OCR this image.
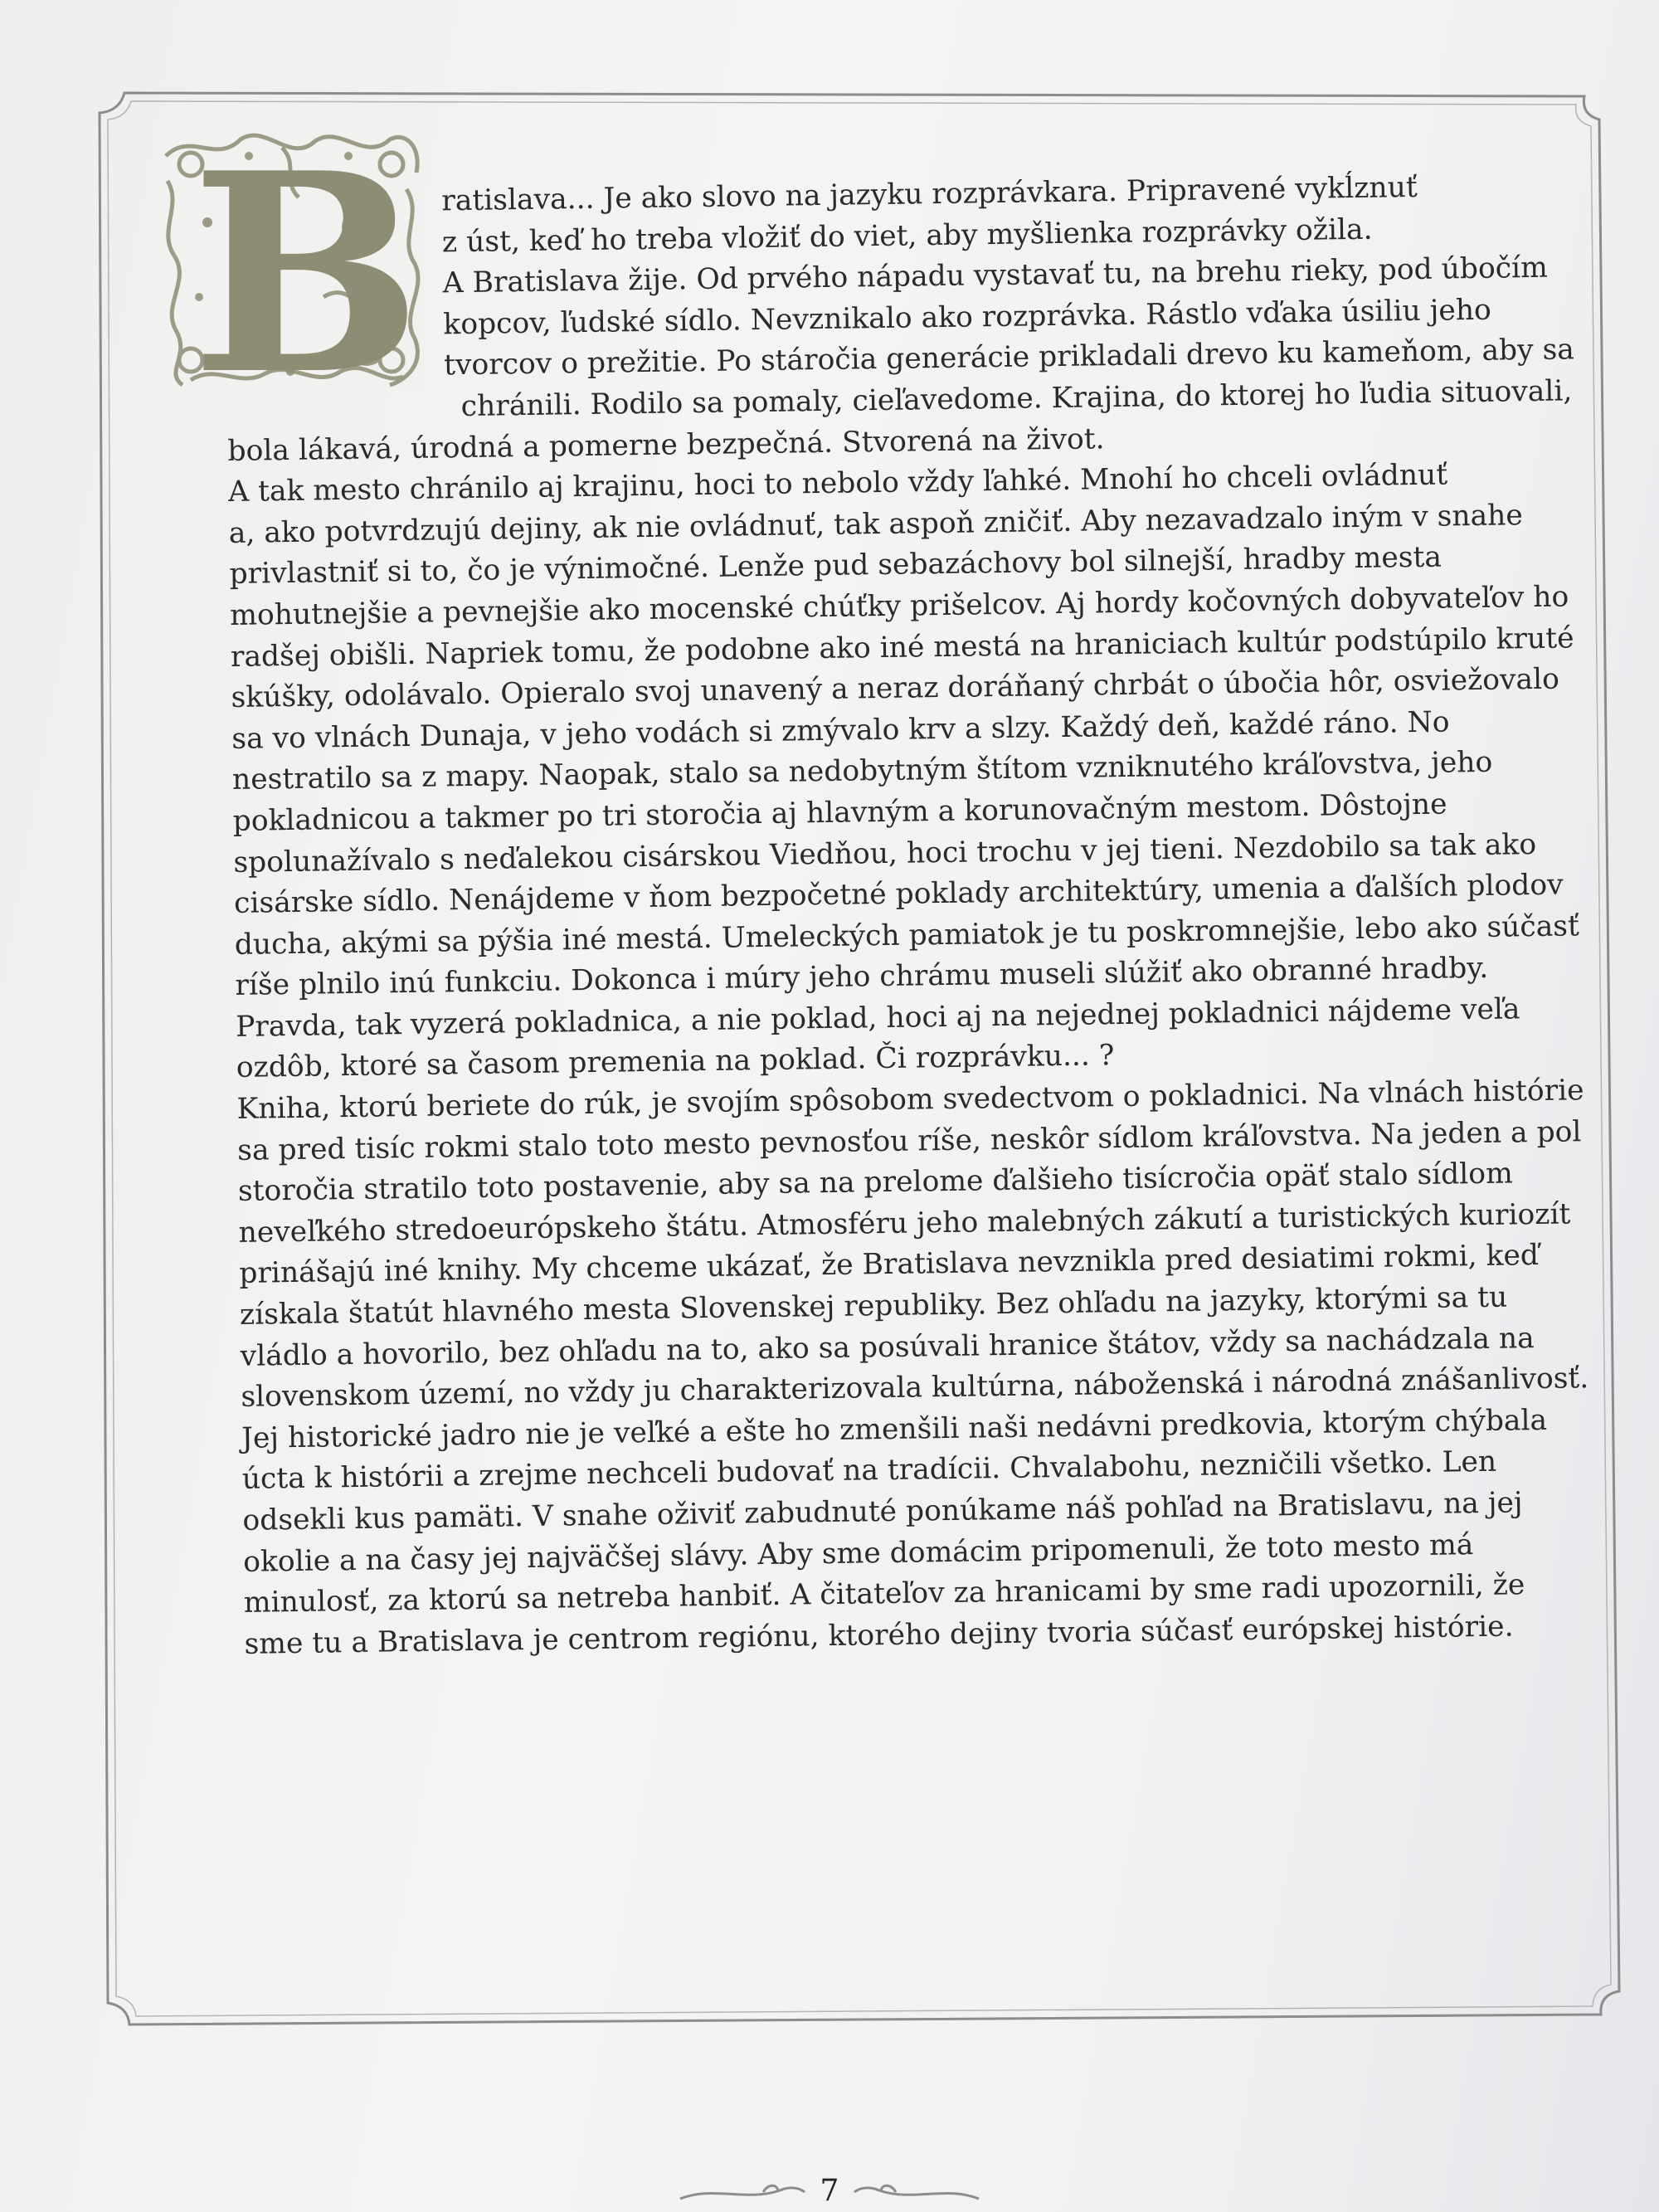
B ratislava... Je ako slovo na jazyku rozprávkara. Pripravené vykĺznuť
z úst, keď ho treba vložiť do viet, aby myšlienka rozprávky ožila.
A Bratislava žije. Od prvého nápadu vystavať tu, na brehu rieky, pod úbočím
kopcov, ľudské sídlo. Nevznikalo ako rozprávka. Rástlo vďaka úsiliu jeho
tvorcov o prežitie. Po stáročia generácie prikladali drevo ku kameňom, aby sa
chránili. Rodilo sa pomaly, cieľavedome. Krajina, do ktorej ho ľudia situovali,
bola lákavá, úrodná a pomerne bezpečná. Stvorená na život.
A tak mesto chránilo aj krajinu, hoci to nebolo vždy ľahké. Mnohí ho chceli ovládnuť
a, ako potvrdzujú dejiny, ak nie ovládnuť, tak aspoň zničiť. Aby nezavadzalo iným v snahe
privlastniť si to, čo je výnimočné. Lenže pud sebazáchovy bol silnejší, hradby mesta
mohutnejšie a pevnejšie ako mocenské chúťky prišelcov. Aj hordy kočovných dobyvateľov ho
radšej obišli. Napriek tomu, že podobne ako iné mestá na hraniciach kultúr podstúpilo kruté
skúšky, odolávalo. Opieralo svoj unavený a neraz doráňaný chrbát o úbočia hôr, osviežovalo
sa vo vlnách Dunaja, v jeho vodách si zmývalo krv a slzy. Každý deň, každé ráno. No
nestratilo sa z mapy. Naopak, stalo sa nedobytným štítom vzniknutého kráľovstva, jeho
pokladnicou a takmer po tri storočia aj hlavným a korunovačným mestom. Dôstojne
spolunažívalo s neďalekou cisárskou Viedňou, hoci trochu v jej tieni. Nezdobilo sa tak ako
cisárske sídlo. Nenájdeme v ňom bezpočetné poklady architektúry, umenia a ďalších plodov
ducha, akými sa pýšia iné mestá. Umeleckých pamiatok je tu poskromnejšie, lebo ako súčasť
ríše plnilo inú funkciu. Dokonca i múry jeho chrámu museli slúžiť ako obranné hradby.
Pravda, tak vyzerá pokladnica, a nie poklad, hoci aj na nejednej pokladnici nájdeme veľa
ozdôb, ktoré sa časom premenia na poklad. Či rozprávku... ?
Kniha, ktorú beriete do rúk, je svojím spôsobom svedectvom o pokladnici. Na vlnách histórie
sa pred tisíc rokmi stalo toto mesto pevnosťou ríše, neskôr sídlom kráľovstva. Na jeden a pol
storočia stratilo toto postavenie, aby sa na prelome ďalšieho tisícročia opäť stalo sídlom
neveľkého stredoeurópskeho štátu. Atmosféru jeho malebných zákutí a turistických kuriozít
prinášajú iné knihy. My chceme ukázať, že Bratislava nevznikla pred desiatimi rokmi, keď
získala štatút hlavného mesta Slovenskej republiky. Bez ohľadu na jazyky, ktorými sa tu
vládlo a hovorilo, bez ohľadu na to, ako sa posúvali hranice štátov, vždy sa nachádzala na
slovenskom území, no vždy ju charakterizovala kultúrna, náboženská i národná znášanlivosť.
Jej historické jadro nie je veľké a ešte ho zmenšili naši nedávni predkovia, ktorým chýbala
úcta k histórii a zrejme nechceli budovať na tradícii. Chvalabohu, nezničili všetko. Len
odsekli kus pamäti. V snahe oživiť zabudnuté ponúkame náš pohľad na Bratislavu, na jej
okolie a na časy jej najväčšej slávy. Aby sme domácim pripomenuli, že toto mesto má
minulosť, za ktorú sa netreba hanbiť. A čitateľov za hranicami by sme radi upozornili, že
sme tu a Bratislava je centrom regiónu, ktorého dejiny tvoria súčasť európskej histórie.
7
